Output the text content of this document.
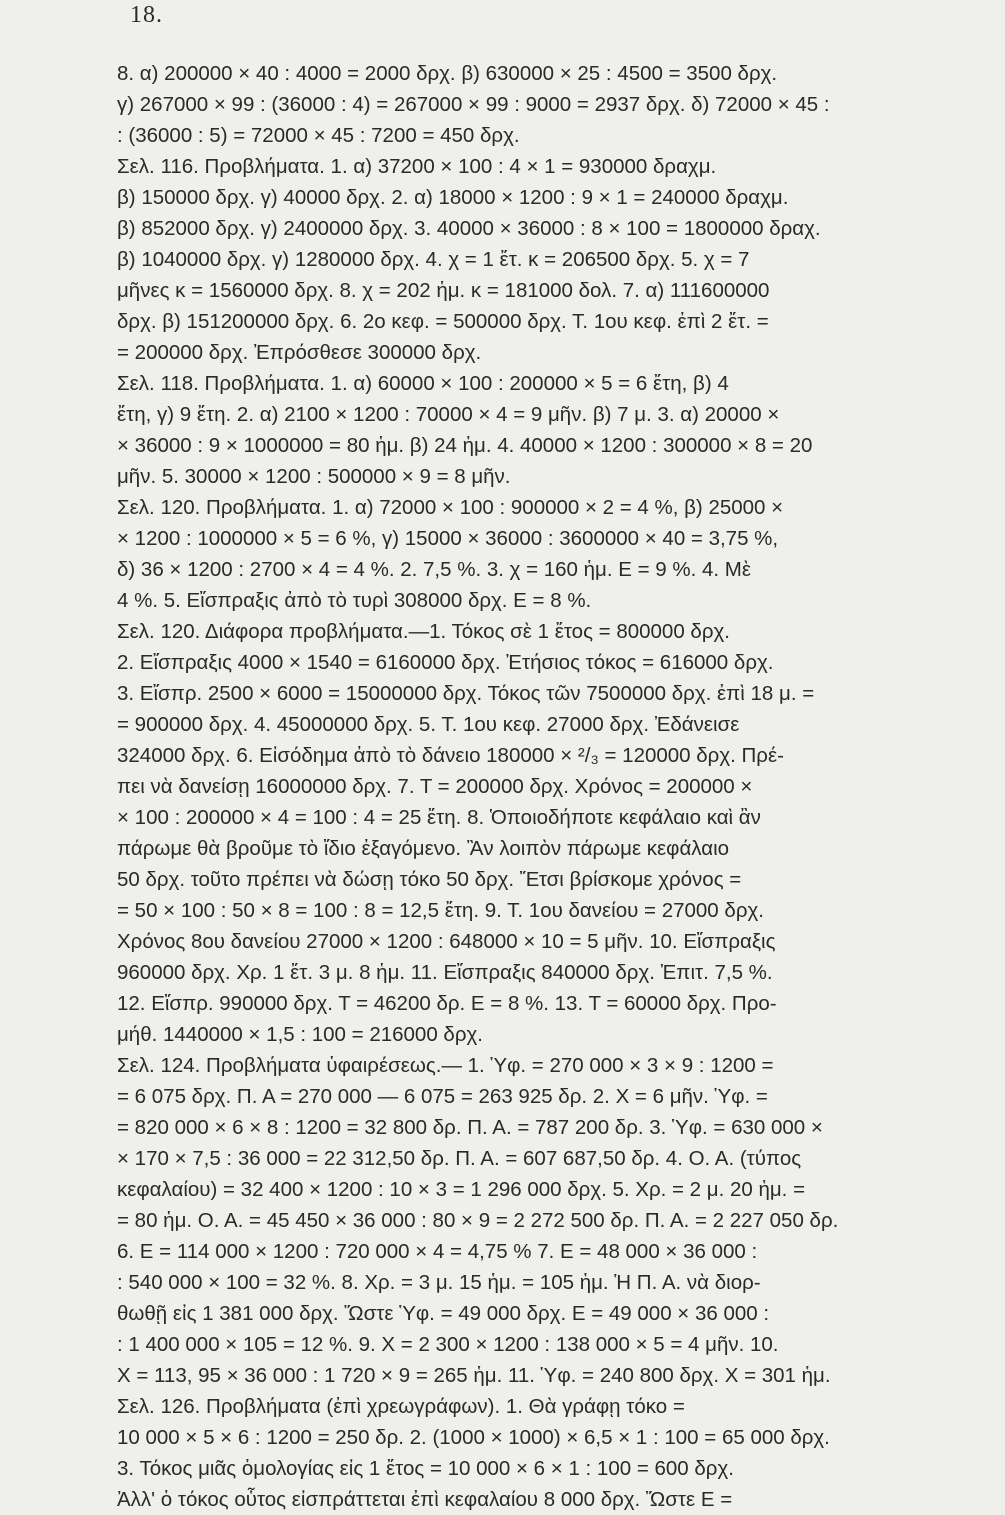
18.
8. α) 200000 × 40 : 4000 = 2000 δρχ. β) 630000 × 25 : 4500 = 3500 δρχ.
γ) 267000 × 99 : (36000 : 4) = 267000 × 99 : 9000 = 2937 δρχ. δ) 72000 × 45 :
: (36000 : 5) = 72000 × 45 : 7200 = 450 δρχ.
Σελ. 116. Προβλήματα. 1. α) 37200 × 100 : 4 × 1 = 930000 δραχμ.
β) 150000 δρχ. γ) 40000 δρχ. 2. α) 18000 × 1200 : 9 × 1 = 240000 δραχμ.
β) 852000 δρχ. γ) 2400000 δρχ. 3. 40000 × 36000 : 8 × 100 = 1800000 δραχ.
β) 1040000 δρχ. γ) 1280000 δρχ. 4. χ = 1 ἔτ. κ = 206500 δρχ. 5. χ = 7
μῆνες κ = 1560000 δρχ. 8. χ = 202 ἡμ. κ = 181000 δολ. 7. α) 111600000
δρχ. β) 151200000 δρχ. 6. 2ο κεφ. = 500000 δρχ. Τ. 1ου κεφ. ἐπὶ 2 ἔτ. =
= 200000 δρχ. Ἐπρόσθεσε 300000 δρχ.
Σελ. 118. Προβλήματα. 1. α) 60000 × 100 : 200000 × 5 = 6 ἔτη, β) 4
ἔτη, γ) 9 ἔτη. 2. α) 2100 × 1200 : 70000 × 4 = 9 μῆν. β) 7 μ. 3. α) 20000 ×
× 36000 : 9 × 1000000 = 80 ἡμ. β) 24 ἡμ. 4. 40000 × 1200 : 300000 × 8 = 20
μῆν. 5. 30000 × 1200 : 500000 × 9 = 8 μῆν.
Σελ. 120. Προβλήματα. 1. α) 72000 × 100 : 900000 × 2 = 4 %, β) 25000 ×
× 1200 : 1000000 × 5 = 6 %, γ) 15000 × 36000 : 3600000 × 40 = 3,75 %,
δ) 36 × 1200 : 2700 × 4 = 4 %. 2. 7,5 %. 3. χ = 160 ἡμ. Ε = 9 %. 4. Μὲ
4 %. 5. Εἴσπραξις ἀπὸ τὸ τυρὶ 308000 δρχ. Ε = 8 %.
Σελ. 120. Διάφορα προβλήματα.—1. Τόκος σὲ 1 ἔτος = 800000 δρχ.
2. Εἴσπραξις 4000 × 1540 = 6160000 δρχ. Ἐτήσιος τόκος = 616000 δρχ.
3. Εἴσπρ. 2500 × 6000 = 15000000 δρχ. Τόκος τῶν 7500000 δρχ. ἐπὶ 18 μ. =
= 900000 δρχ. 4. 45000000 δρχ. 5. Τ. 1ου κεφ. 27000 δρχ. Ἐδάνεισε
324000 δρχ. 6. Εἰσόδημα ἀπὸ τὸ δάνειο 180000 × ²/₃ = 120000 δρχ. Πρέ-
πει νὰ δανείσῃ 16000000 δρχ. 7. Τ = 200000 δρχ. Χρόνος = 200000 ×
× 100 : 200000 × 4 = 100 : 4 = 25 ἔτη. 8. Ὁποιοδήποτε κεφάλαιο καὶ ἂν
πάρωμε θὰ βροῦμε τὸ ἴδιο ἐξαγόμενο. Ἂν λοιπὸν πάρωμε κεφάλαιο
50 δρχ. τοῦτο πρέπει νὰ δώσῃ τόκο 50 δρχ. Ἔτσι βρίσκομε χρόνος =
= 50 × 100 : 50 × 8 = 100 : 8 = 12,5 ἔτη. 9. Τ. 1ου δανείου = 27000 δρχ.
Χρόνος 8ου δανείου 27000 × 1200 : 648000 × 10 = 5 μῆν. 10. Εἴσπραξις
960000 δρχ. Χρ. 1 ἔτ. 3 μ. 8 ἡμ. 11. Εἴσπραξις 840000 δρχ. Ἐπιτ. 7,5 %.
12. Εἴσπρ. 990000 δρχ. Τ = 46200 δρ. Ε = 8 %. 13. Τ = 60000 δρχ. Προ-
μήθ. 1440000 × 1,5 : 100 = 216000 δρχ.
Σελ. 124. Προβλήματα ὑφαιρέσεως.— 1. Ὑφ. = 270 000 × 3 × 9 : 1200 =
= 6 075 δρχ. Π. Α = 270 000 — 6 075 = 263 925 δρ. 2. Χ = 6 μῆν. Ὑφ. =
= 820 000 × 6 × 8 : 1200 = 32 800 δρ. Π. Α. = 787 200 δρ. 3. Ὑφ. = 630 000 ×
× 170 × 7,5 : 36 000 = 22 312,50 δρ. Π. Α. = 607 687,50 δρ. 4. Ο. Α. (τύπος
κεφαλαίου) = 32 400 × 1200 : 10 × 3 = 1 296 000 δρχ. 5. Χρ. = 2 μ. 20 ἡμ. =
= 80 ἡμ. Ο. Α. = 45 450 × 36 000 : 80 × 9 = 2 272 500 δρ. Π. Α. = 2 227 050 δρ.
6. Ε = 114 000 × 1200 : 720 000 × 4 = 4,75 % 7. Ε = 48 000 × 36 000 :
: 540 000 × 100 = 32 %. 8. Χρ. = 3 μ. 15 ἡμ. = 105 ἡμ. Ἡ Π. Α. νὰ διορ-
θωθῇ εἰς 1 381 000 δρχ. Ὥστε Ὑφ. = 49 000 δρχ. Ε = 49 000 × 36 000 :
: 1 400 000 × 105 = 12 %. 9. Χ = 2 300 × 1200 : 138 000 × 5 = 4 μῆν. 10.
Χ = 113, 95 × 36 000 : 1 720 × 9 = 265 ἡμ. 11. Ὑφ. = 240 800 δρχ. Χ = 301 ἡμ.
Σελ. 126. Προβλήματα (ἐπὶ χρεωγράφων). 1. Θὰ γράφῃ τόκο =
10 000 × 5 × 6 : 1200 = 250 δρ. 2. (1000 × 1000) × 6,5 × 1 : 100 = 65 000 δρχ.
3. Τόκος μιᾶς ὁμολογίας εἰς 1 ἔτος = 10 000 × 6 × 1 : 100 = 600 δρχ.
Ἀλλ' ὁ τόκος οὗτος εἰσπράττεται ἐπὶ κεφαλαίου 8 000 δρχ. Ὥστε Ε =
